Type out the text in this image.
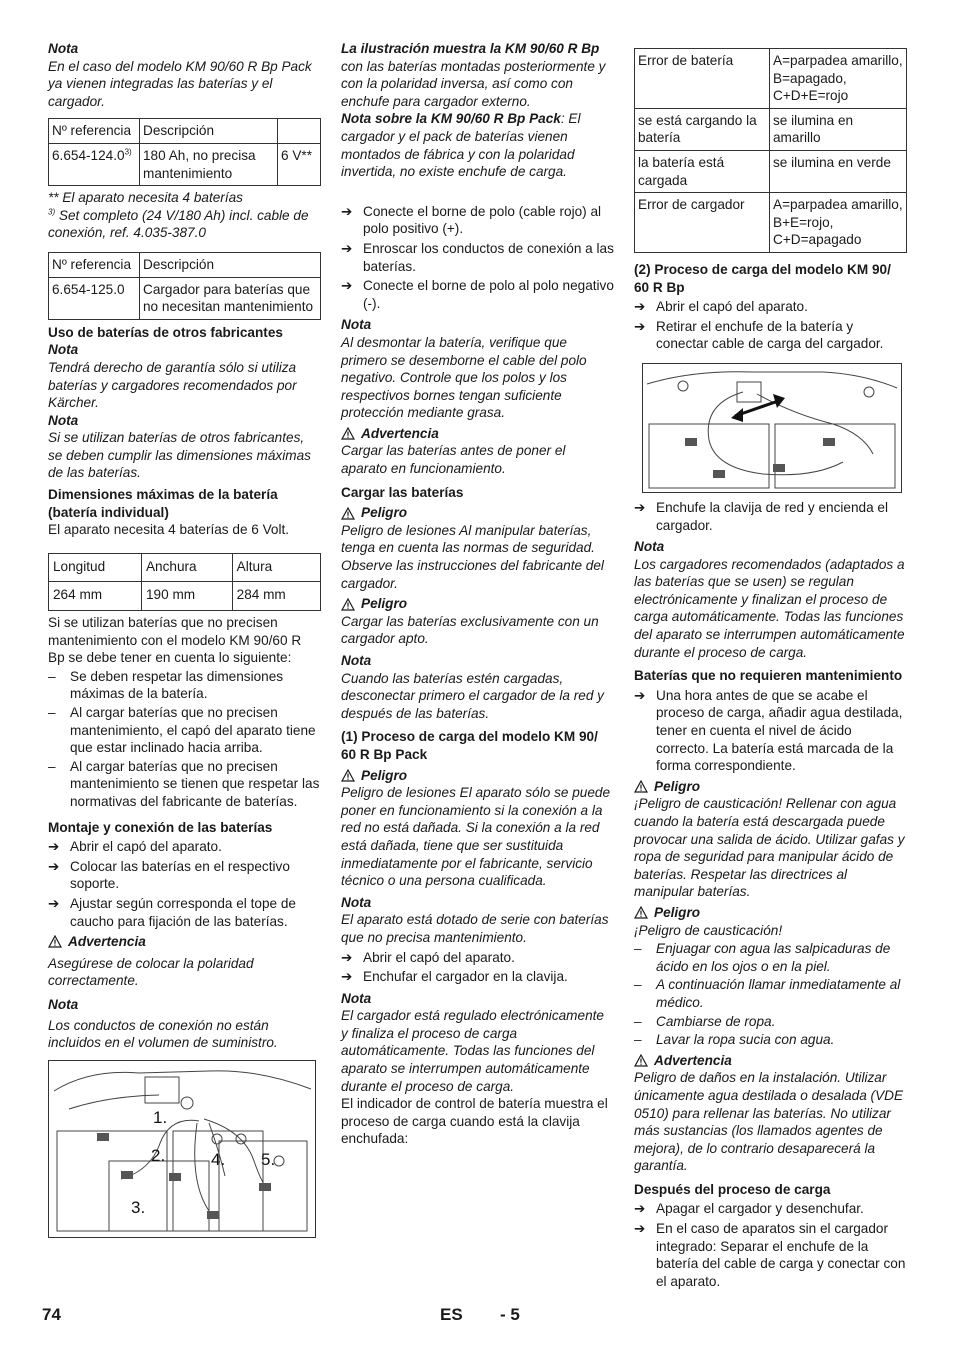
Nota

En el caso del modelo KM 90/60 R Bp Pack ya vienen integradas las baterías y el cargador.

Nº referencia	Descripción	
6.654-124.0$^{3)}$	180 Ah, no precisa mantenimiento	6 V**

** El aparato necesita 4 baterías

$^{3)}$ Set completo (24 V/180 Ah) incl. cable de conexión, ref. 4.035-387.0

Nº referencia	Descripción
6.654-125.0	Cargador para baterías que no necesitan mantenimiento

Uso de baterías de otros fabricantes

Nota

Tendrá derecho de garantía sólo si utiliza baterías y cargadores recomendados por Kärcher.

Nota

Si se utilizan baterías de otros fabricantes, se deben cumplir las dimensiones máximas de las baterías.

Dimensiones máximas de la batería (batería individual)

El aparato necesita 4 baterías de 6 Volt.

Longitud	Anchura	Altura
264 mm	190 mm	284 mm

Si se utilizan baterías que no precisen mantenimiento con el modelo KM 90/60 R Bp se debe tener en cuenta lo siguiente:

–	Se deben respetar las dimensiones máximas de la batería.
–	Al cargar baterías que no precisen mantenimiento, el capó del aparato tiene que estar inclinado hacia arriba.
–	Al cargar baterías que no precisen mantenimiento se tienen que respetar las normativas del fabricante de baterías.

Montaje y conexión de las baterías

➔ Abrir el capó del aparato.
➔ Colocar las baterías en el respectivo soporte.
➔ Ajustar según corresponda el tope de caucho para fijación de las baterías.
Advertencia

Asegúrese de colocar la polaridad correctamente.

Nota

Los conductos de conexión no están incluidos en el volumen de suministro.

1.
2.
3.
4. 5.

La ilustración muestra la KM 90/60 R Bp

con las baterías montadas posteriormente y con la polaridad inversa, así como con enchufe para cargador externo.

Nota sobre la KM 90/60 R Bp Pack: El cargador y el pack de baterías vienen montados de fábrica y con la polaridad invertida, no existe enchufe de carga.

➔ Conecte el borne de polo (cable rojo) al polo positivo (+).
➔ Enroscar los conductos de conexión a las baterías.
➔ Conecte el borne de polo al polo negativo (-).

Nota

Al desmontar la batería, verifique que primero se desemborne el cable del polo negativo. Controle que los polos y los respectivos bornes tengan suficiente protección mediante grasa.

Advertencia

Cargar las baterías antes de poner el aparato en funcionamiento.

Cargar las baterías

Peligro

Peligro de lesiones Al manipular baterías, tenga en cuenta las normas de seguridad. Observe las instrucciones del fabricante del cargador.

Peligro

Cargar las baterías exclusivamente con un cargador apto.

Nota

Cuando las baterías estén cargadas, desconectar primero el cargador de la red y después de las baterías.

(1) Proceso de carga del modelo KM 90/ 60 R Bp Pack

Peligro

Peligro de lesiones El aparato sólo se puede poner en funcionamiento si la conexión a la red no está dañada. Si la conexión a la red está dañada, tiene que ser sustituida inmediatamente por el fabricante, servicio técnico o una persona cualificada.

Nota

El aparato está dotado de serie con baterías que no precisa mantenimiento.

➔ Abrir el capó del aparato.
➔ Enchufar el cargador en la clavija.

Nota

El cargador está regulado electrónicamente y finaliza el proceso de carga automáticamente. Todas las funciones del aparato se interrumpen automáticamente durante el proceso de carga.

El indicador de control de batería muestra el proceso de carga cuando está la clavija enchufada:

Error de batería	A=parpadea amarillo, B=apagado, C+D+E=rojo
se está cargando la batería	se ilumina en amarillo
la batería está cargada	se ilumina en verde
Error de cargador	A=parpadea amarillo, B+E=rojo, C+D=apagado

(2) Proceso de carga del modelo KM 90/ 60 R Bp

➔ Abrir el capó del aparato.
➔ Retirar el enchufe de la batería y conectar cable de carga del cargador.
➔ Enchufe la clavija de red y encienda el cargador.

Nota

Los cargadores recomendados (adaptados a las baterías que se usen) se regulan electrónicamente y finalizan el proceso de carga automáticamente. Todas las funciones del aparato se interrumpen automáticamente durante el proceso de carga.

Baterías que no requieren mantenimiento

➔ Una hora antes de que se acabe el proceso de carga, añadir agua destilada, tener en cuenta el nivel de ácido correcto. La batería está marcada de la forma correspondiente.
Peligro

¡Peligro de causticación! Rellenar con agua cuando la batería está descargada puede provocar una salida de ácido. Utilizar gafas y ropa de seguridad para manipular ácido de baterías. Respetar las directrices al manipular baterías.

Peligro

¡Peligro de causticación!

–	Enjuagar con agua las salpicaduras de ácido en los ojos o en la piel.
–	A continuación llamar inmediatamente al médico.
–	Cambiarse de ropa.
–	Lavar la ropa sucia con agua.
Advertencia

Peligro de daños en la instalación. Utilizar únicamente agua destilada o desalada (VDE 0510) para rellenar las baterías. No utilizar más sustancias (los llamados agentes de mejora), de lo contrario desaparecerá la garantía.

Después del proceso de carga

➔ Apagar el cargador y desenchufar.
➔ En el caso de aparatos sin el cargador integrado: Separar el enchufe de la batería del cable de carga y conectar con el aparato.
74	ES - 5
